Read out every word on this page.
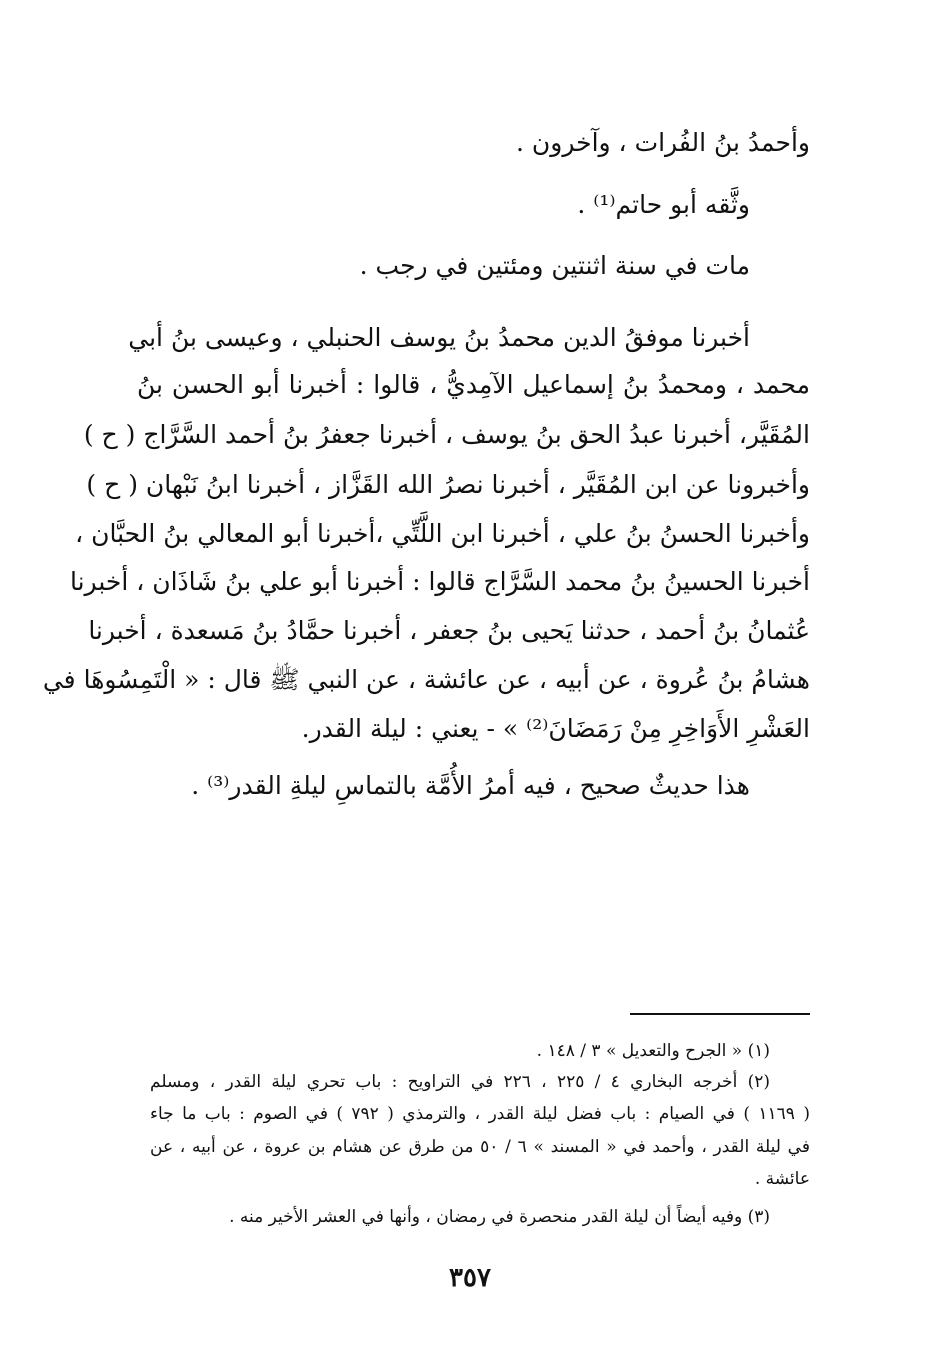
وأحمدُ بنُ الفُرات ، وآخرون .
وثَّقه أبو حاتم⁽¹⁾ .
مات في سنة اثنتين ومئتين في رجب .
أخبرنا موفقُ الدين محمدُ بنُ يوسف الحنبلي ، وعيسى بنُ أبي
محمد ، ومحمدُ بنُ إسماعيل الآمِديُّ ، قالوا : أخبرنا أبو الحسن بنُ
المُقَيَّر، أخبرنا عبدُ الحق بنُ يوسف ، أخبرنا جعفرُ بنُ أحمد السَّرَّاج ( ح )
وأخبرونا عن ابن المُقَيَّر ، أخبرنا نصرُ الله القَزَّاز ، أخبرنا ابنُ نَبْهان ( ح )
وأخبرنا الحسنُ بنُ علي ، أخبرنا ابن اللَّتِّي ،أخبرنا أبو المعالي بنُ الحبَّان ،
أخبرنا الحسينُ بنُ محمد السَّرَّاج قالوا : أخبرنا أبو علي بنُ شَاذَان ، أخبرنا
عُثمانُ بنُ أحمد ، حدثنا يَحيى بنُ جعفر ، أخبرنا حمَّادُ بنُ مَسعدة ، أخبرنا
هشامُ بنُ عُروة ، عن أبيه ، عن عائشة ، عن النبي ﷺ قال : « الْتَمِسُوهَا في
العَشْرِ الأَوَاخِرِ مِنْ رَمَضَانَ⁽²⁾ » - يعني : ليلة القدر.
هذا حديثٌ صحيح ، فيه أمرُ الأُمَّة بالتماسِ ليلةِ القدر⁽³⁾ .
(١) « الجرح والتعديل » ٣ / ١٤٨ .
(٢) أخرجه البخاري ٤ / ٢٢٥ ، ٢٢٦ في التراويح : باب تحري ليلة القدر ، ومسلم
( ١١٦٩ ) في الصيام : باب فضل ليلة القدر ، والترمذي ( ٧٩٢ ) في الصوم : باب ما جاء
في ليلة القدر ، وأحمد في « المسند » ٦ / ٥٠ من طرق عن هشام بن عروة ، عن أبيه ، عن
عائشة .
(٣) وفيه أيضاً أن ليلة القدر منحصرة في رمضان ، وأنها في العشر الأخير منه .
٣٥٧
